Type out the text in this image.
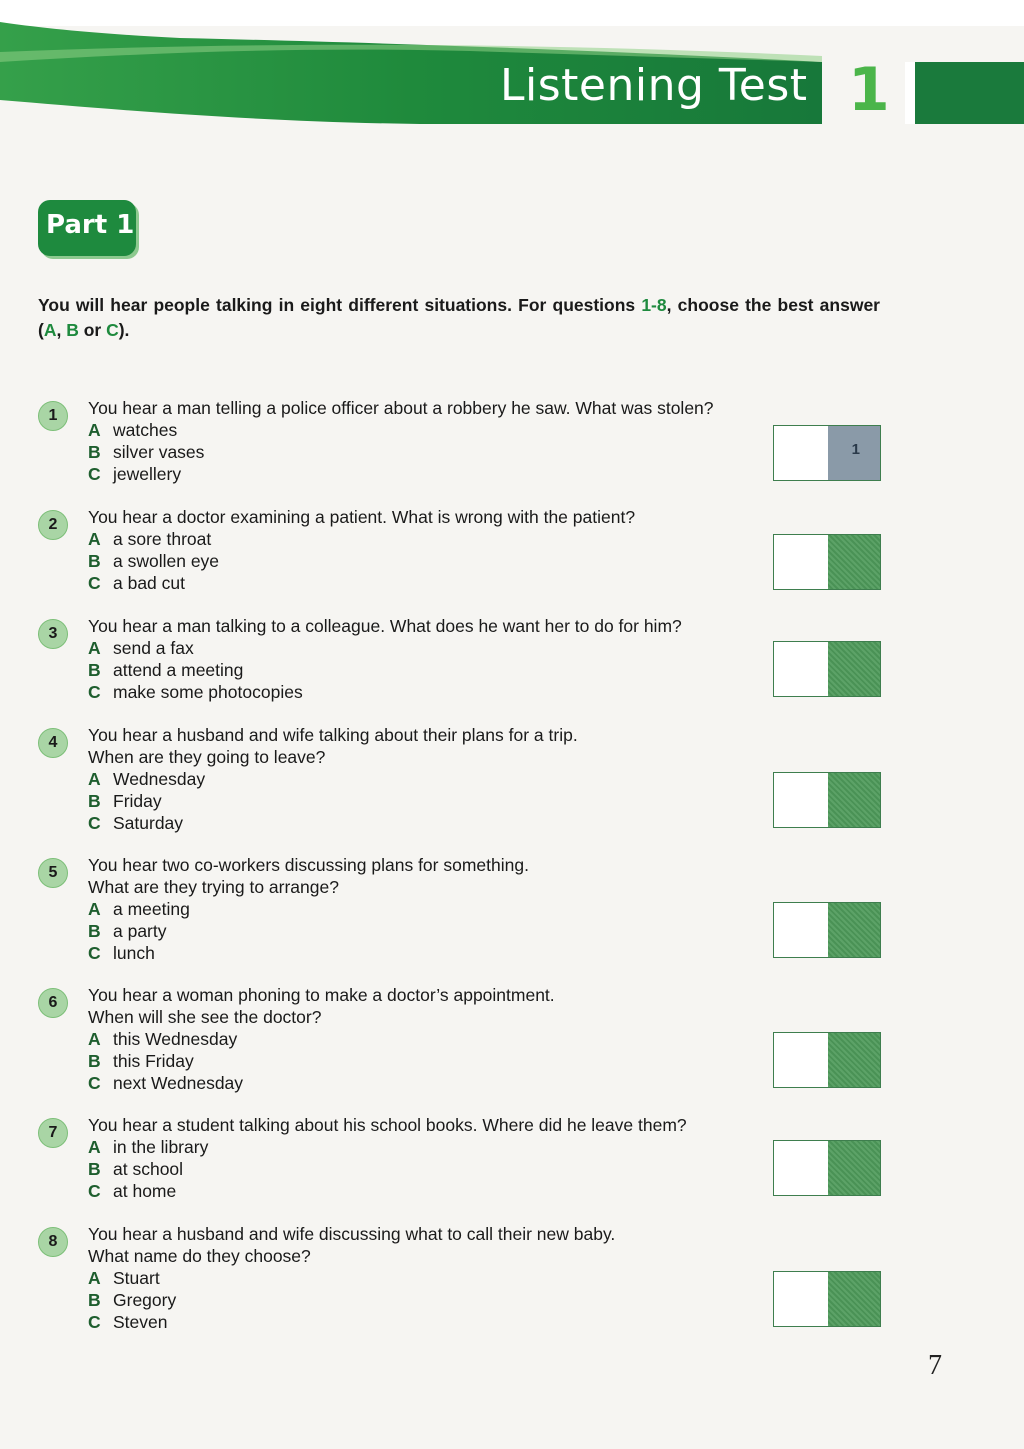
Listening Test 1
Part 1
You will hear people talking in eight different situations. For questions 1-8, choose the best answer (A, B or C).
1	You hear a man telling a police officer about a robbery he saw. What was stolen?
A watches
B silver vases
C jewellery
1
2	You hear a doctor examining a patient. What is wrong with the patient?
A a sore throat
B a swollen eye
C a bad cut
3	You hear a man talking to a colleague. What does he want her to do for him?
A send a fax
B attend a meeting
C make some photocopies
4	You hear a husband and wife talking about their plans for a trip.
When are they going to leave?
A Wednesday
B Friday
C Saturday
5	You hear two co-workers discussing plans for something.
What are they trying to arrange?
A a meeting
B a party
C lunch
6	You hear a woman phoning to make a doctor’s appointment.
When will she see the doctor?
A this Wednesday
B this Friday
C next Wednesday
7	You hear a student talking about his school books. Where did he leave them?
A in the library
B at school
C at home
8	You hear a husband and wife discussing what to call their new baby.
What name do they choose?
A Stuart
B Gregory
C Steven
7
